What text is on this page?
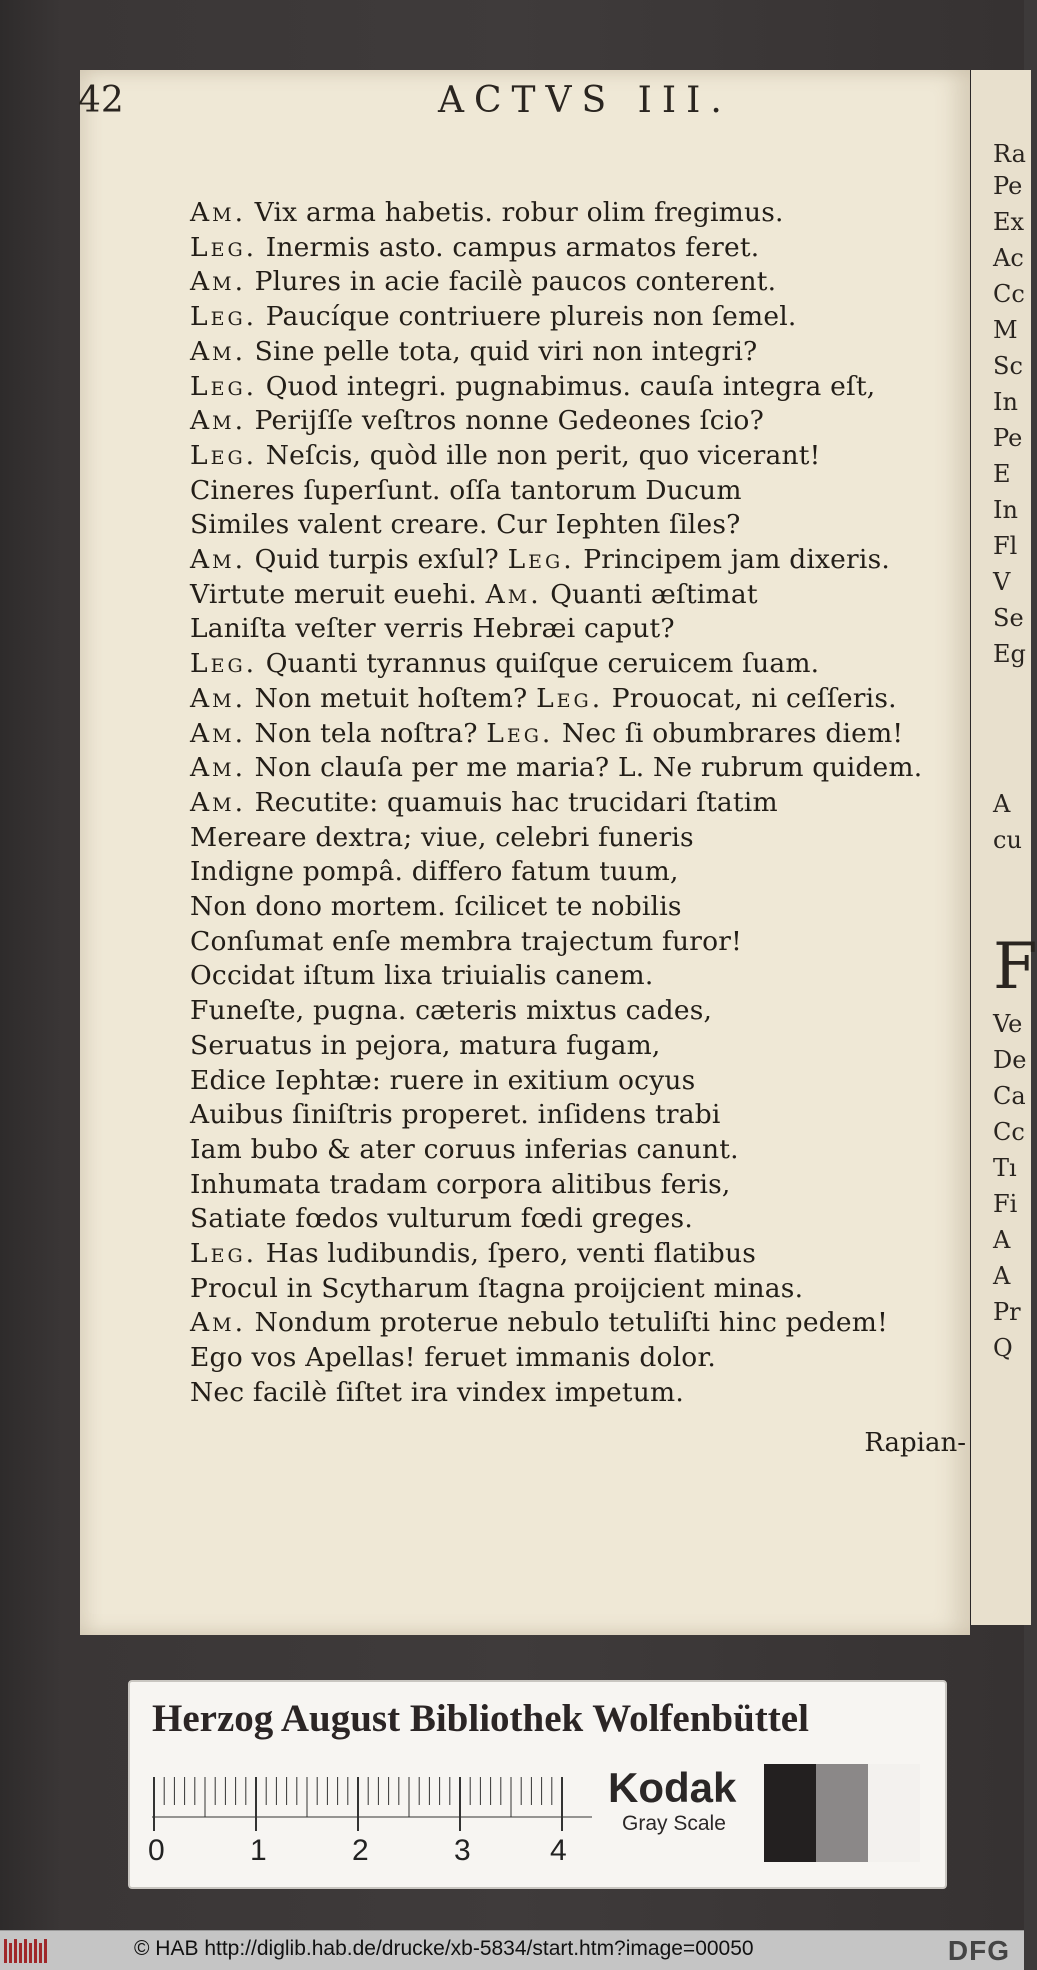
Ra
Pe
Ex
Ac
Cc
M
Sc
In
Pe
E
In
Fl
V
Se
Eg
A
cu
F
Ve
De
Ca
Cc
Tı
Fi
A
A
Pr
Q
42	ACTVS III.
Am. Vix arma habetis. robur olim fregimus.
Leg. Inermis asto. campus armatos feret.
Am. Plures in acie facilè paucos conterent.
Leg. Paucíque contriuere plureis non ſemel.
Am. Sine pelle tota, quid viri non integri?
Leg. Quod integri. pugnabimus. cauſa integra eſt,
Am. Perijſſe veſtros nonne Gedeones ſcio?
Leg. Neſcis, quòd ille non perit, quo vicerant!
Cineres ſuperſunt. oſſa tantorum Ducum
Similes valent creare. Cur Iephten ſiles?
Am. Quid turpis exſul? Leg. Principem jam dixeris.
Virtute meruit euehi. Am. Quanti æſtimat
Laniſta veſter verris Hebræi caput?
Leg. Quanti tyrannus quiſque ceruicem ſuam.
Am. Non metuit hoſtem? Leg. Prouocat, ni ceſſeris.
Am. Non tela noſtra? Leg. Nec ſi obumbrares diem!
Am. Non clauſa per me maria? L. Ne rubrum quidem.
Am. Recutite: quamuis hac trucidari ſtatim
Mereare dextra; viue, celebri funeris
Indigne pompâ. differo fatum tuum,
Non dono mortem. ſcilicet te nobilis
Conſumat enſe membra trajectum furor!
Occidat iſtum lixa triuialis canem.
Funeſte, pugna. cæteris mixtus cades,
Seruatus in pejora, matura fugam,
Edice Iephtæ: ruere in exitium ocyus
Auibus ſiniſtris properet. inſidens trabi
Iam bubo & ater coruus inferias canunt.
Inhumata tradam corpora alitibus feris,
Satiate fœdos vulturum fœdi greges.
Leg. Has ludibundis, ſpero, venti flatibus
Procul in Scytharum ſtagna proijcient minas.
Am. Nondum proterue nebulo tetuliſti hinc pedem!
Ego vos Apellas! feruet immanis dolor.
Nec facilè ſiſtet ira vindex impetum.
Rapian-
Herzog August Bibliothek Wolfenbüttel
0	1	2	3	4
Kodak
Gray Scale
© HAB http://diglib.hab.de/drucke/xb-5834/start.htm?image=00050	DFG
